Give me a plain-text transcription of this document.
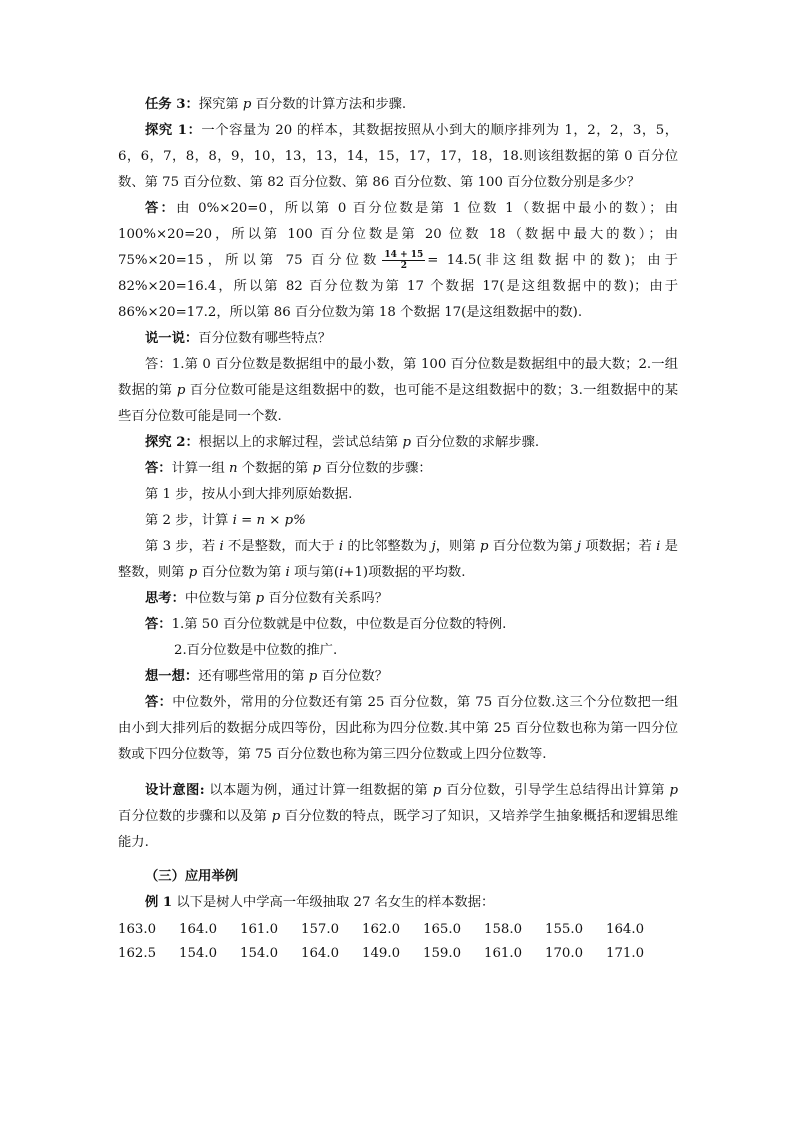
任务 3：探究第 p 百分数的计算方法和步骤.

探究 1：一个容量为 20 的样本，其数据按照从小到大的顺序排列为 1，2，2，3，5，6，6，7，8，8，9，10，13，13，14，15，17，17，18，18.则该组数据的第 0 百分位数、第 75 百分位数、第 82 百分位数、第 86 百分位数、第 100 百分位数分别是多少？

答：由 0%×20=0，所以第 0 百分位数是第 1 位数 1（数据中最小的数）；由 100%×20=20，所以第 100 百分位数是第 20 位数 18（数据中最大的数）；由 75%×20=15，所以第 75 百分位数 $\frac{14 + 15}{2} = 14.5$(非这组数据中的数)；由于 82%×20=16.4，所以第 82 百分位数为第 17 个数据 17(是这组数据中的数)；由于 86%×20=17.2，所以第 86 百分位数为第 18 个数据 17(是这组数据中的数).

说一说：百分位数有哪些特点？

答：1.第 0 百分位数是数据组中的最小数，第 100 百分位数是数据组中的最大数；2.一组数据的第 p 百分位数可能是这组数据中的数，也可能不是这组数据中的数；3.一组数据中的某些百分位数可能是同一个数.

探究 2：根据以上的求解过程，尝试总结第 p 百分位数的求解步骤.

答：计算一组 n 个数据的第 p 百分位数的步骤：

第 1 步，按从小到大排列原始数据.

第 2 步，计算 i = n × p%

第 3 步，若 i 不是整数，而大于 i 的比邻整数为 j，则第 p 百分位数为第 j 项数据；若 i 是整数，则第 p 百分位数为第 i 项与第(i+1)项数据的平均数.

思考：中位数与第 p 百分位数有关系吗？

答：1.第 50 百分位数就是中位数，中位数是百分位数的特例.

2.百分位数是中位数的推广.

想一想：还有哪些常用的第 p 百分位数？

答：中位数外，常用的分位数还有第 25 百分位数，第 75 百分位数.这三个分位数把一组由小到大排列后的数据分成四等份，因此称为四分位数.其中第 25 百分位数也称为第一四分位数或下四分位数等，第 75 百分位数也称为第三四分位数或上四分位数等.

设计意图: 以本题为例，通过计算一组数据的第 p 百分位数，引导学生总结得出计算第 p 百分位数的步骤和以及第 p 百分位数的特点，既学习了知识，又培养学生抽象概括和逻辑思维能力.

（三）应用举例

例 1 以下是树人中学高一年级抽取 27 名女生的样本数据：

163.0 164.0 161.0 157.0 162.0 165.0 158.0 155.0 164.0

162.5 154.0 154.0 164.0 149.0 159.0 161.0 170.0 171.0
